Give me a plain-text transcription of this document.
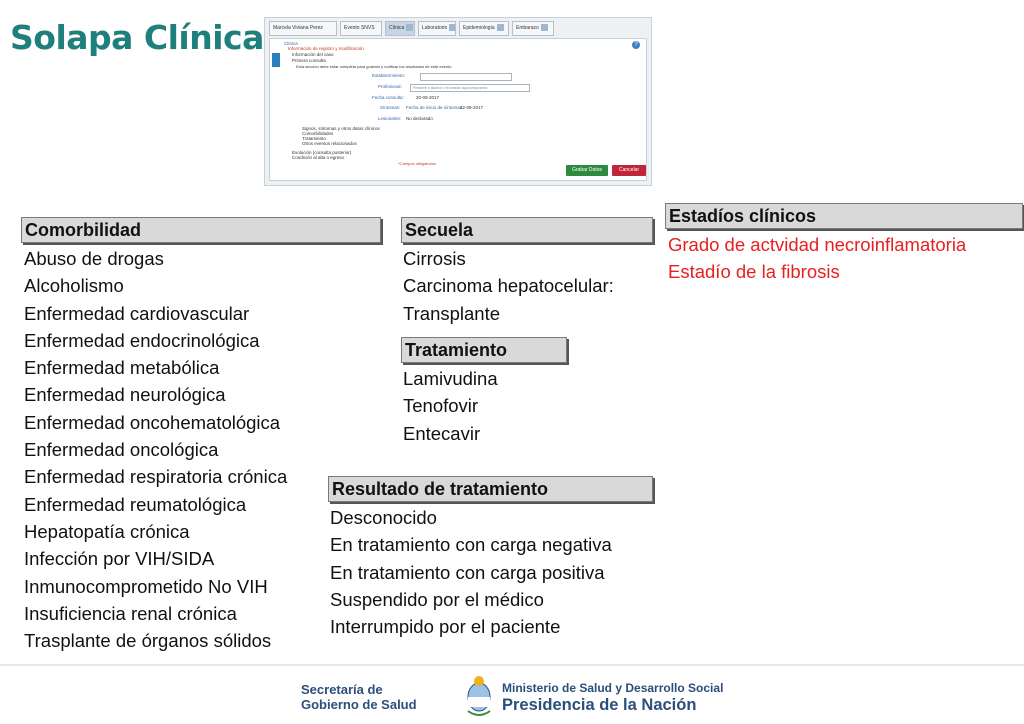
Solapa Clínica	Marcela Viviana Perez	Evento SNVS	Clínica	Laboratorio	Epidemiología	Embarazo
?
Clínica
Información de registro y modificación
Información del caso
Primera consulta
Esta sección debe estar completa para guardar y notificar los resultados de este evento
Establecimiento:
Profesional:	Presione a alcohol o el creador apocomporarios
Fecha consulta:	20-09-2017
Síntomas: Fecha de inicio de síntomas:
22-09-2017
Lesionante: No declarado
Signos, síntomas y otros datos clínicos
Comorbilidades
Tratamiento
Otros eventos relacionados
Evolución (consulta posterior)
Condición al alta o egreso
*Campos obligatorios
Grabar Datos	Cancelar
Comorbilidad
Abuso de drogas
Alcoholismo
Enfermedad cardiovascular
Enfermedad endocrinológica
Enfermedad metabólica
Enfermedad neurológica
Enfermedad oncohematológica
Enfermedad oncológica
Enfermedad respiratoria crónica
Enfermedad reumatológica
Hepatopatía crónica
Infección por VIH/SIDA
Inmunocomprometido No VIH
Insuficiencia renal crónica
Trasplante de órganos sólidos
Secuela
Cirrosis
Carcinoma hepatocelular:
Transplante
Tratamiento
Lamivudina
Tenofovir
Entecavir
Resultado de tratamiento
Desconocido
En tratamiento con carga negativa
En tratamiento con carga positiva
Suspendido por el médico
Interrumpido por el paciente
Estadíos clínicos
Grado de actvidad necroinflamatoria
Estadío de la fibrosis
Secretaría de
Gobierno de Salud
Ministerio de Salud y Desarrollo Social
Presidencia de la Nación
